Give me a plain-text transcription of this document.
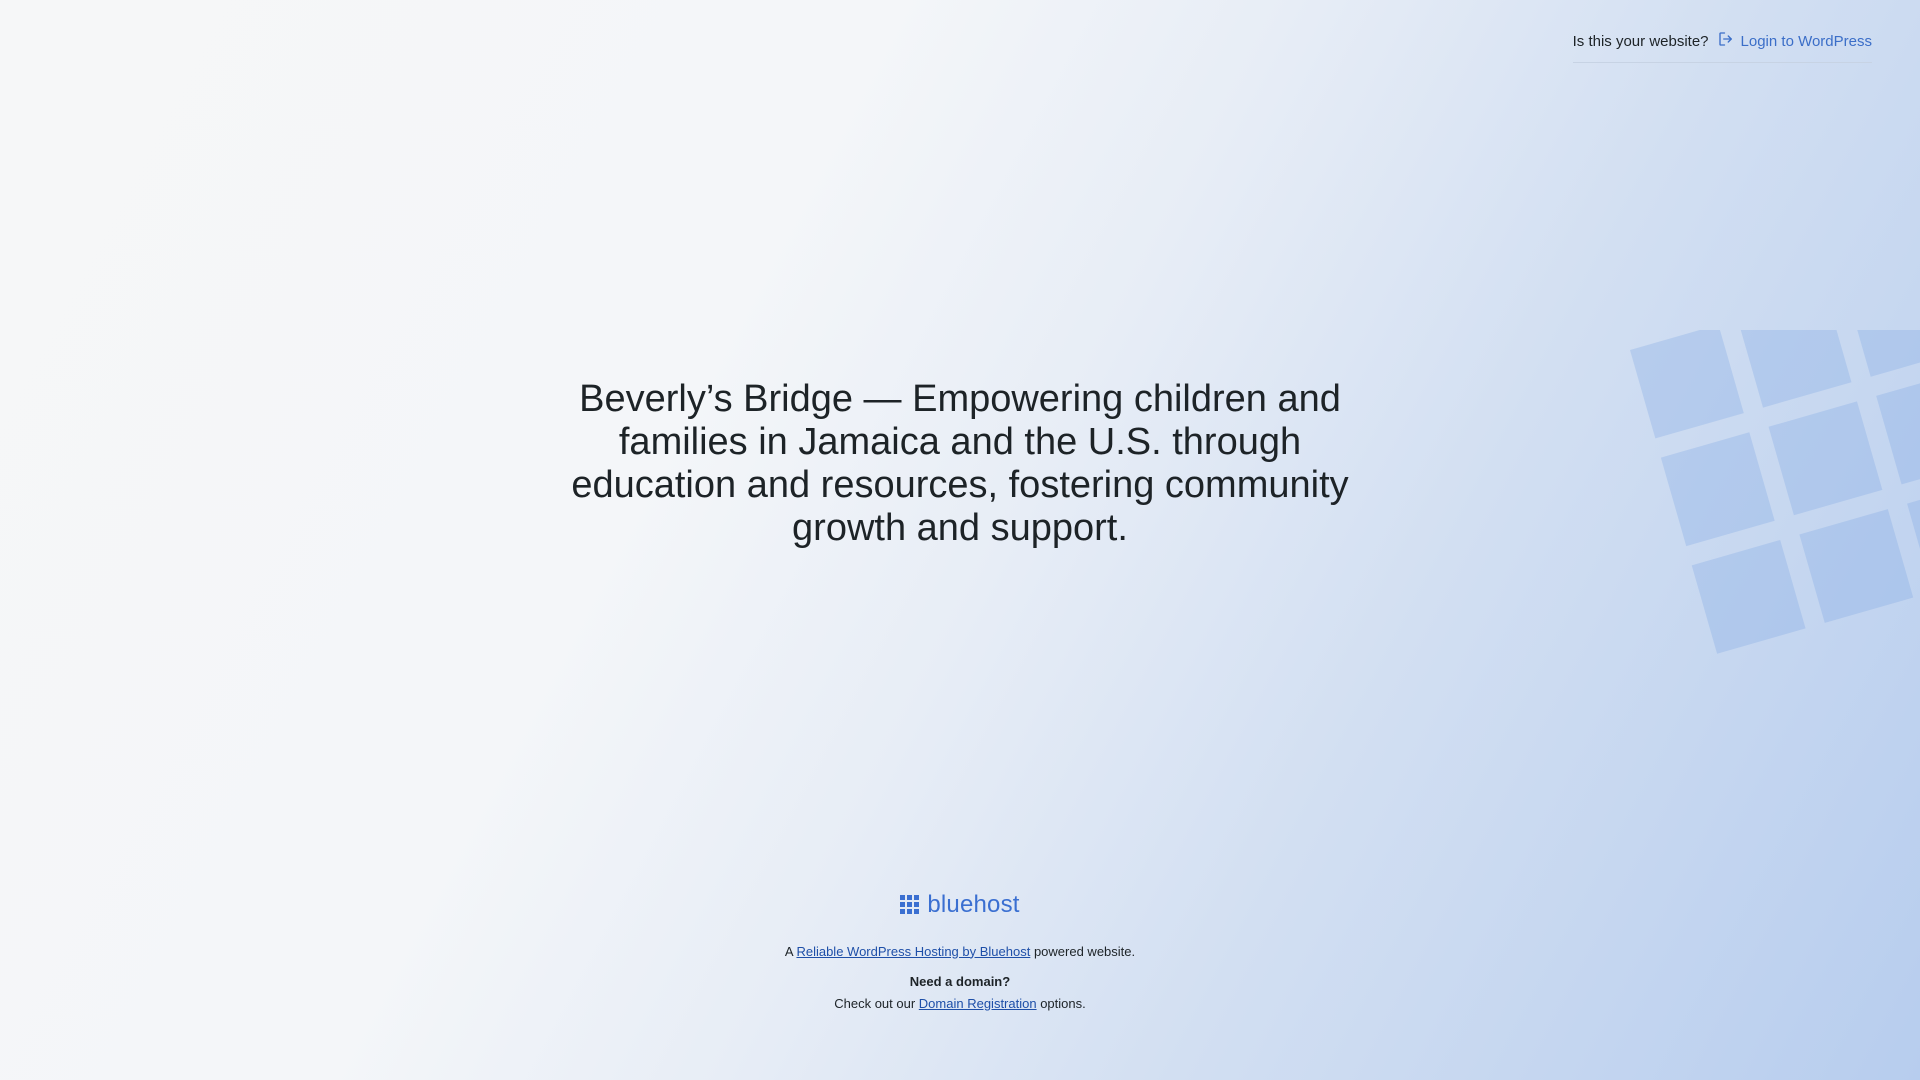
Is this your website? Login to WordPress
Beverly’s Bridge — Empowering children and families in Jamaica and the U.S. through education and resources, fostering community growth and support.
bluehost

A Reliable WordPress Hosting by Bluehost powered website.

Need a domain?

Check out our Domain Registration options.
